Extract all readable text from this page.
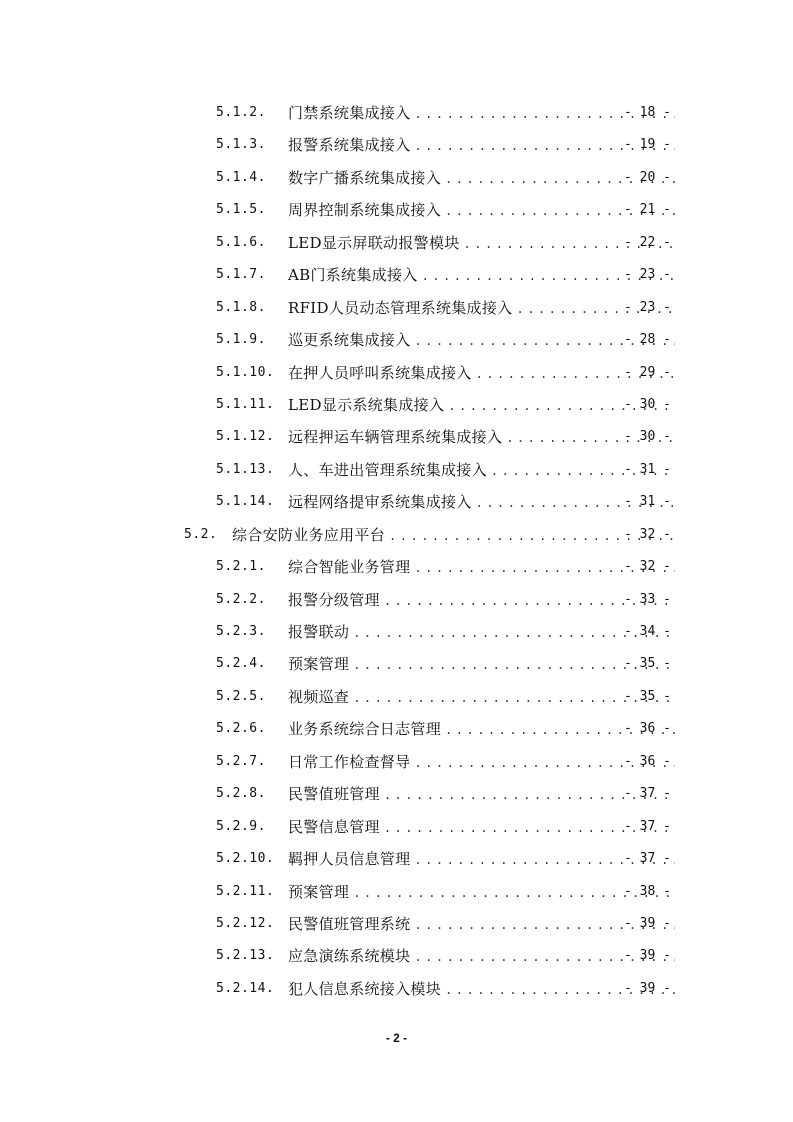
5.1.2. 门禁系统集成接入 .....	- 18 -
5.1.3. 报警系统集成接入 .....	- 19 -
5.1.4. 数字广播系统集成接入 .....	- 20 -
5.1.5. 周界控制系统集成接入 .....	- 21 -
5.1.6. LED显示屏联动报警模块 .....	- 22 -
5.1.7. AB门系统集成接入 .....	- 23 -
5.1.8. RFID人员动态管理系统集成接入 .....	- 23 -
5.1.9. 巡更系统集成接入 .....	- 28 -
5.1.10. 在押人员呼叫系统集成接入 .....	- 29 -
5.1.11. LED显示系统集成接入 .....	- 30 -
5.1.12. 远程押运车辆管理系统集成接入 .....	- 30 -
5.1.13. 人、车进出管理系统集成接入 .....	- 31 -
5.1.14. 远程网络提审系统集成接入 .....	- 31 -
5.2. 综合安防业务应用平台 .....	- 32 -
5.2.1. 综合智能业务管理 .....	- 32 -
5.2.2. 报警分级管理 .....	- 33 -
5.2.3. 报警联动 .....	- 34 -
5.2.4. 预案管理 .....	- 35 -
5.2.5. 视频巡查 .....	- 35 -
5.2.6. 业务系统综合日志管理 .....	- 36 -
5.2.7. 日常工作检查督导 .....	- 36 -
5.2.8. 民警值班管理 .....	- 37 -
5.2.9. 民警信息管理 .....	- 37 -
5.2.10. 羁押人员信息管理 .....	- 37 -
5.2.11. 预案管理 .....	- 38 -
5.2.12. 民警值班管理系统 .....	- 39 -
5.2.13. 应急演练系统模块 .....	- 39 -
5.2.14. 犯人信息系统接入模块 .....	- 39 -
- 2 -
